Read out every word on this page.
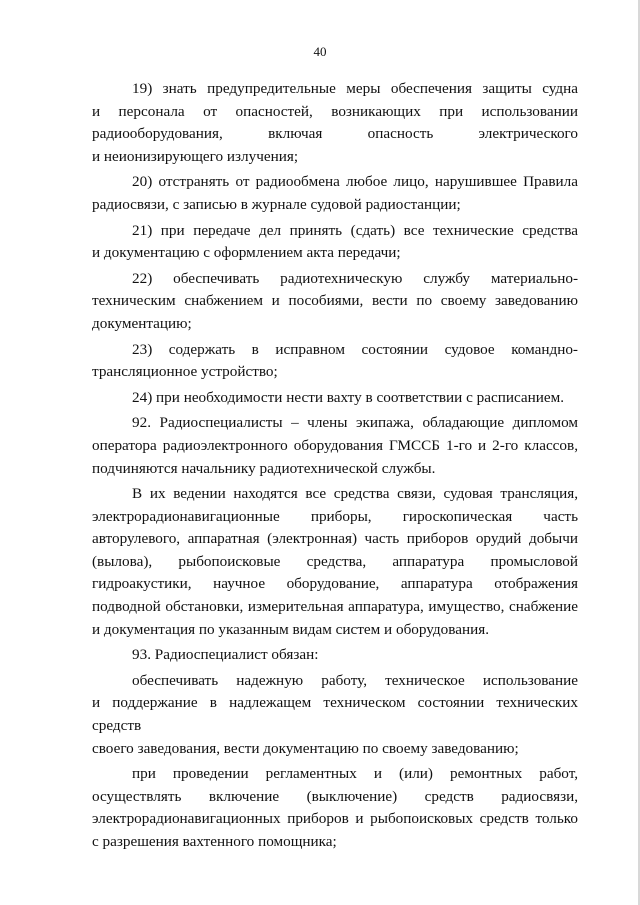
40
19) знать предупредительные меры обеспечения защиты судна
и персонала от опасностей, возникающих при использовании
радиооборудования, включая опасность электрического
и неионизирующего излучения;
20) отстранять от радиообмена любое лицо, нарушившее Правила
радиосвязи, с записью в журнале судовой радиостанции;
21) при передаче дел принять (сдать) все технические средства
и документацию с оформлением акта передачи;
22) обеспечивать радиотехническую службу материально-
техническим снабжением и пособиями, вести по своему заведованию
документацию;
23) содержать в исправном состоянии судовое командно-
трансляционное устройство;
24) при необходимости нести вахту в соответствии с расписанием.
92. Радиоспециалисты – члены экипажа, обладающие дипломом
оператора радиоэлектронного оборудования ГМССБ 1-го и 2-го классов,
подчиняются начальнику радиотехнической службы.
В их ведении находятся все средства связи, судовая трансляция,
электрорадионавигационные приборы, гироскопическая часть
авторулевого, аппаратная (электронная) часть приборов орудий добычи
(вылова), рыбопоисковые средства, аппаратура промысловой
гидроакустики, научное оборудование, аппаратура отображения
подводной обстановки, измерительная аппаратура, имущество, снабжение
и документация по указанным видам систем и оборудования.
93. Радиоспециалист обязан:
обеспечивать надежную работу, техническое использование
и поддержание в надлежащем техническом состоянии технических средств
своего заведования, вести документацию по своему заведованию;
при проведении регламентных и (или) ремонтных работ,
осуществлять включение (выключение) средств радиосвязи,
электрорадионавигационных приборов и рыбопоисковых средств только
с разрешения вахтенного помощника;
